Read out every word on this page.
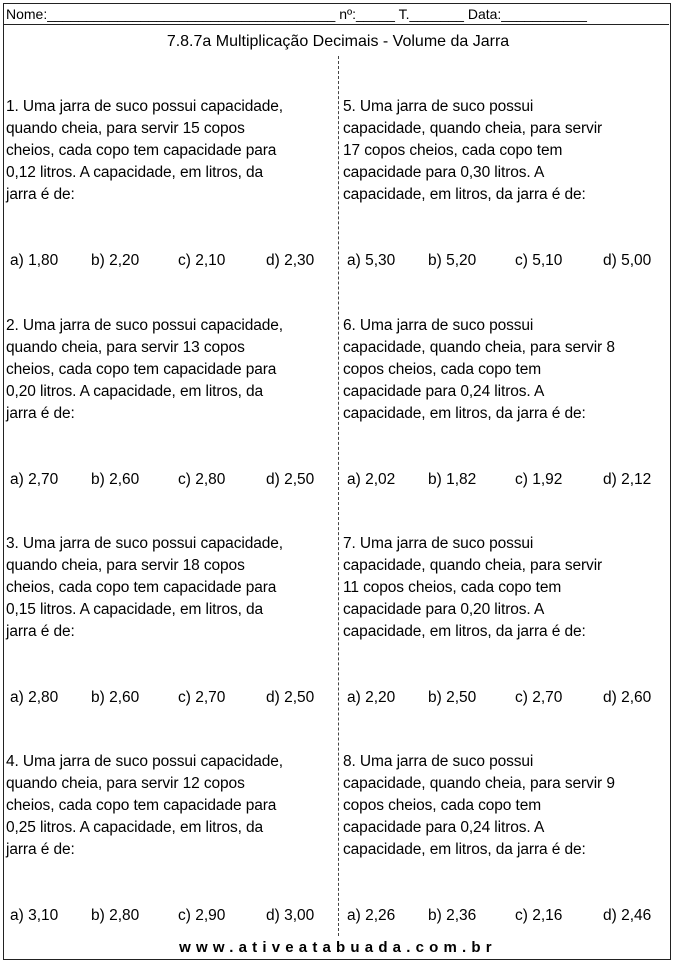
Nome:_____________________________________ nº:_____ T._______ Data:___________
7.8.7a Multiplicação Decimais - Volume da Jarra

1. Uma jarra de suco possui capacidade,
quando cheia, para servir 15 copos
cheios, cada copo tem capacidade para
0,12 litros. A capacidade, em litros, da
jarra é de:

a) 1,80 b) 2,20 c) 2,10	d) 2,30

2. Uma jarra de suco possui capacidade,
quando cheia, para servir 13 copos
cheios, cada copo tem capacidade para
0,20 litros. A capacidade, em litros, da
jarra é de:

a) 2,70 b) 2,60 c) 2,80	d) 2,50

3. Uma jarra de suco possui capacidade,
quando cheia, para servir 18 copos
cheios, cada copo tem capacidade para
0,15 litros. A capacidade, em litros, da
jarra é de:

a) 2,80 b) 2,60 c) 2,70	d) 2,50

4. Uma jarra de suco possui capacidade,
quando cheia, para servir 12 copos
cheios, cada copo tem capacidade para
0,25 litros. A capacidade, em litros, da
jarra é de:

a) 3,10 b) 2,80 c) 2,90	d) 3,00

5. Uma jarra de suco possui
capacidade, quando cheia, para servir
17 copos cheios, cada copo tem
capacidade para 0,30 litros. A
capacidade, em litros, da jarra é de:

a) 5,30 b) 5,20 c) 5,10	d) 5,00

6. Uma jarra de suco possui
capacidade, quando cheia, para servir 8
copos cheios, cada copo tem
capacidade para 0,24 litros. A
capacidade, em litros, da jarra é de:

a) 2,02 b) 1,82 c) 1,92	d) 2,12

7. Uma jarra de suco possui
capacidade, quando cheia, para servir
11 copos cheios, cada copo tem
capacidade para 0,20 litros. A
capacidade, em litros, da jarra é de:

a) 2,20 b) 2,50 c) 2,70	d) 2,60

8. Uma jarra de suco possui
capacidade, quando cheia, para servir 9
copos cheios, cada copo tem
capacidade para 0,24 litros. A
capacidade, em litros, da jarra é de:

a) 2,26 b) 2,36 c) 2,16	d) 2,46
www.ativeatabuada.com.br
